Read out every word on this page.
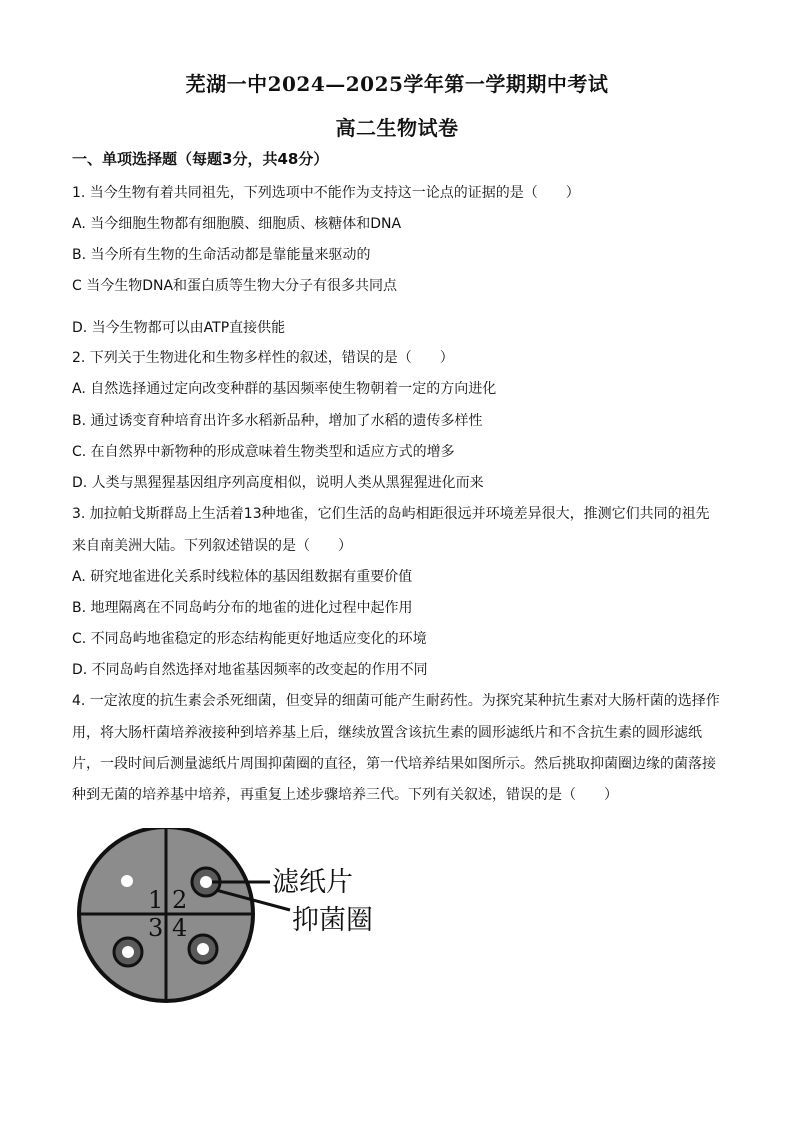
芜湖一中2024—2025学年第一学期期中考试
高二生物试卷
一、单项选择题（每题3分，共48分）
1. 当今生物有着共同祖先，下列选项中不能作为支持这一论点的证据的是（　　）
A. 当今细胞生物都有细胞膜、细胞质、核糖体和DNA
B. 当今所有生物的生命活动都是靠能量来驱动的
C 当今生物DNA和蛋白质等生物大分子有很多共同点
D. 当今生物都可以由ATP直接供能
2. 下列关于生物进化和生物多样性的叙述，错误的是（　　）
A. 自然选择通过定向改变种群的基因频率使生物朝着一定的方向进化
B. 通过诱变育种培育出许多水稻新品种，增加了水稻的遗传多样性
C. 在自然界中新物种的形成意味着生物类型和适应方式的增多
D. 人类与黑猩猩基因组序列高度相似，说明人类从黑猩猩进化而来
3. 加拉帕戈斯群岛上生活着13种地雀，它们生活的岛屿相距很远并环境差异很大，推测它们共同的祖先
来自南美洲大陆。下列叙述错误的是（　　）
A. 研究地雀进化关系时线粒体的基因组数据有重要价值
B. 地理隔离在不同岛屿分布的地雀的进化过程中起作用
C. 不同岛屿地雀稳定的形态结构能更好地适应变化的环境
D. 不同岛屿自然选择对地雀基因频率的改变起的作用不同
4. 一定浓度的抗生素会杀死细菌，但变异的细菌可能产生耐药性。为探究某种抗生素对大肠杆菌的选择作
用，将大肠杆菌培养液接种到培养基上后，继续放置含该抗生素的圆形滤纸片和不含抗生素的圆形滤纸
片，一段时间后测量滤纸片周围抑菌圈的直径，第一代培养结果如图所示。然后挑取抑菌圈边缘的菌落接
种到无菌的培养基中培养，再重复上述步骤培养三代。下列有关叙述，错误的是（　　）
1 2
3 4
滤纸片
抑菌圈
